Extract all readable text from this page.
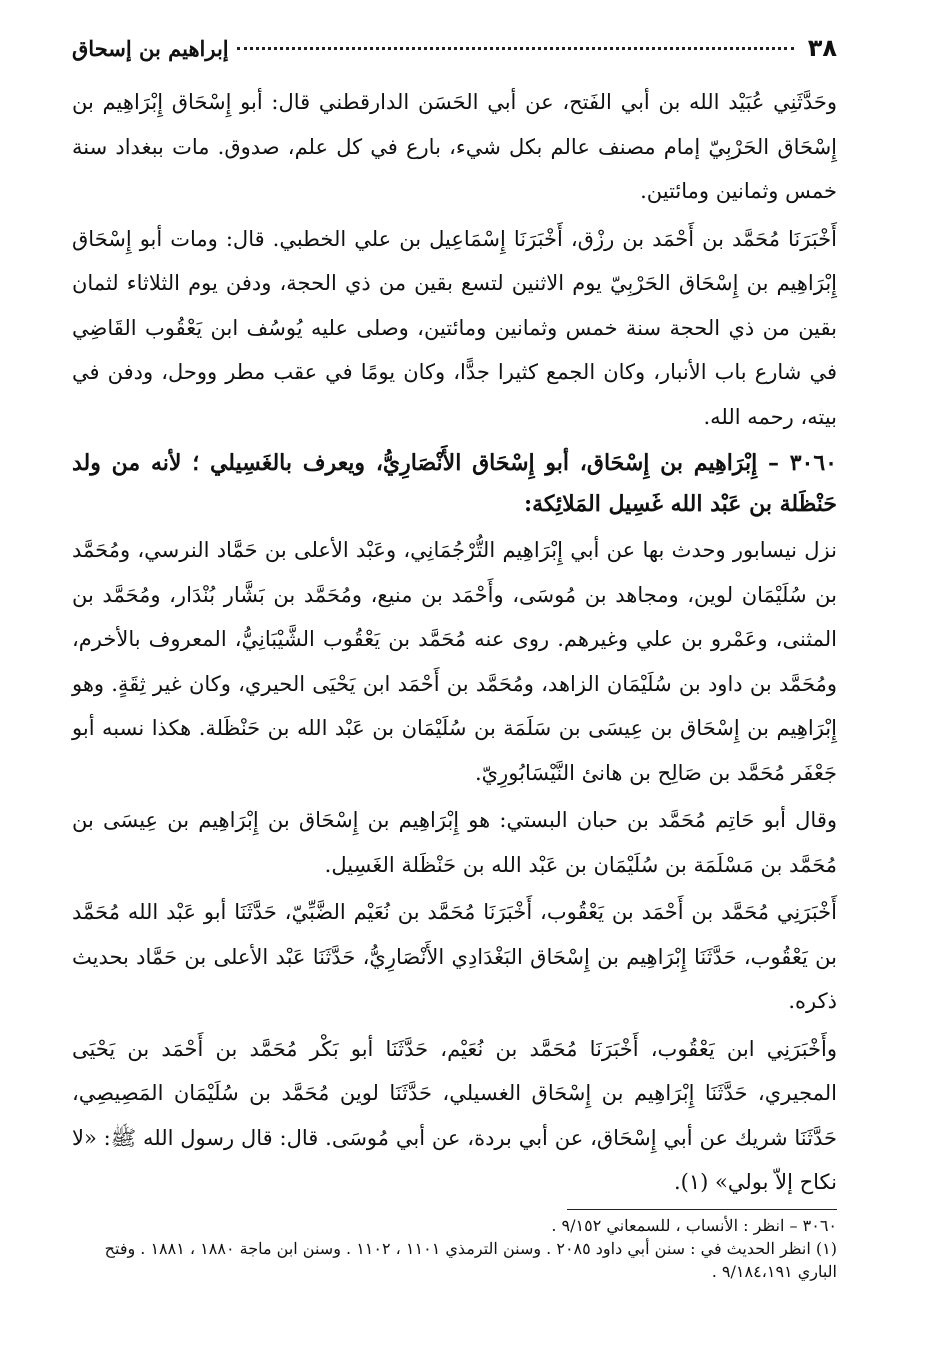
٣٨
إبراهيم بن إسحاق

وحَدَّثَنِي عُبَيْد الله بن أبي الفَتح، عن أبي الحَسَن الدارقطني قال: أبو إِسْحَاق إِبْرَاهِيم بن إِسْحَاق الحَرْبِيّ إمام مصنف عالم بكل شيء، بارع في كل علم، صدوق. مات ببغداد سنة خمس وثمانين ومائتين.

أَخْبَرَنَا مُحَمَّد بن أَحْمَد بن رزْق، أَخْبَرَنَا إِسْمَاعِيل بن علي الخطبي. قال: ومات أبو إِسْحَاق إِبْرَاهِيم بن إِسْحَاق الحَرْبِيّ يوم الاثنين لتسع بقين من ذي الحجة، ودفن يوم الثلاثاء لثمان بقين من ذي الحجة سنة خمس وثمانين ومائتين، وصلى عليه يُوسُف ابن يَعْقُوب القَاضِي في شارع باب الأنبار، وكان الجمع كثيرا جدًّا، وكان يومًا في عقب مطر ووحل، ودفن في بيته، رحمه الله.

٣٠٦٠ – إِبْرَاهِيم بن إِسْحَاق، أبو إِسْحَاق الأَنْصَارِيُّ، ويعرف بالغَسِيلي ؛ لأنه من ولد حَنْظَلة بن عَبْد الله غَسِيل المَلائِكة:

نزل نيسابور وحدث بها عن أبي إِبْرَاهِيم التُّرْجُمَانِي، وعَبْد الأعلى بن حَمَّاد النرسي، ومُحَمَّد بن سُلَيْمَان لوين، ومجاهد بن مُوسَى، وأَحْمَد بن منيع، ومُحَمَّد بن بَشَّار بُنْدَار، ومُحَمَّد بن المثنى، وعَمْرو بن علي وغيرهم. روى عنه مُحَمَّد بن يَعْقُوب الشَّيْبَانِيُّ، المعروف بالأخرم، ومُحَمَّد بن داود بن سُلَيْمَان الزاهد، ومُحَمَّد بن أَحْمَد ابن يَحْيَى الحيري، وكان غير ثِقَةٍ. وهو إِبْرَاهِيم بن إِسْحَاق بن عِيسَى بن سَلَمَة بن سُلَيْمَان بن عَبْد الله بن حَنْظَلة. هكذا نسبه أبو جَعْفَر مُحَمَّد بن صَالِح بن هانئ النَّيْسَابُورِيّ.

وقال أبو حَاتِم مُحَمَّد بن حبان البستي: هو إِبْرَاهِيم بن إِسْحَاق بن إِبْرَاهِيم بن عِيسَى بن مُحَمَّد بن مَسْلَمَة بن سُلَيْمَان بن عَبْد الله بن حَنْظَلة الغَسِيل.

أَخْبَرَنِي مُحَمَّد بن أَحْمَد بن يَعْقُوب، أَخْبَرَنَا مُحَمَّد بن نُعَيْم الضَّبِّيّ، حَدَّثَنَا أبو عَبْد الله مُحَمَّد بن يَعْقُوب، حَدَّثَنَا إِبْرَاهِيم بن إِسْحَاق البَغْدَادِي الأَنْصَارِيُّ، حَدَّثَنَا عَبْد الأعلى بن حَمَّاد بحديث ذكره.

وأَخْبَرَنِي ابن يَعْقُوب، أَخْبَرَنَا مُحَمَّد بن نُعَيْم، حَدَّثَنَا أبو بَكْر مُحَمَّد بن أَحْمَد بن يَحْيَى المجيري، حَدَّثَنَا إِبْرَاهِيم بن إِسْحَاق الغسيلي، حَدَّثَنَا لوين مُحَمَّد بن سُلَيْمَان المَصِيصِي، حَدَّثَنَا شريك عن أبي إِسْحَاق، عن أبي بردة، عن أبي مُوسَى. قال: قال رسول الله ﷺ: «لا نكاح إلاّ بولي» (١).

٣٠٦٠ – انظر : الأنساب ، للسمعاني ٩/١٥٢ .

(١) انظر الحديث في : سنن أبي داود ٢٠٨٥ . وسنن الترمذي ١١٠١ ، ١١٠٢ . وسنن ابن ماجة ١٨٨٠ ، ١٨٨١ . وفتح الباري ٩/١٨٤،١٩١ .
